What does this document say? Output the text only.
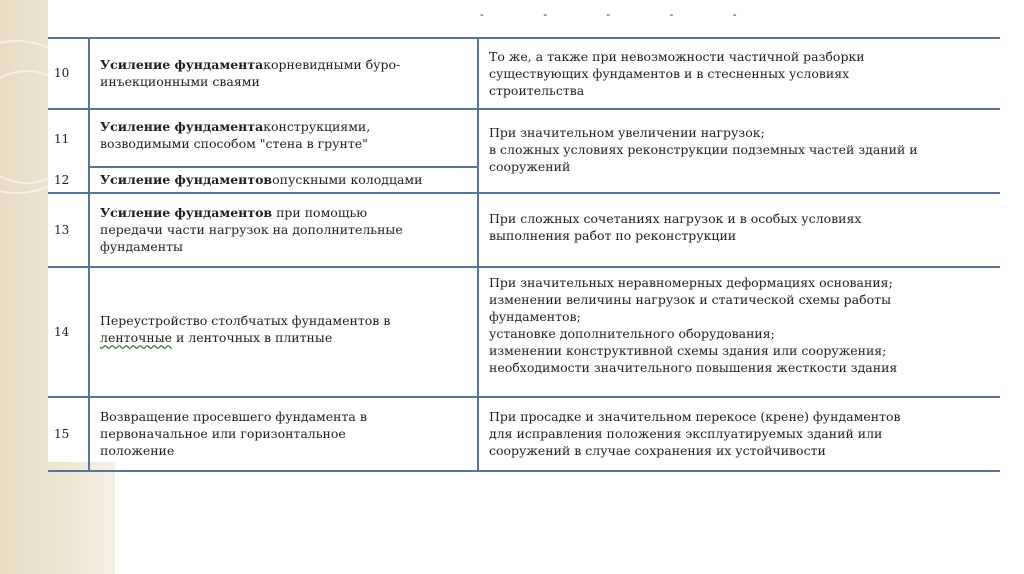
- - - - -
10
Усиление фундаментакорневидными буро-
инъекционными сваями
То же, а также при невозможности частичной разборки
существующих фундаментов и в стесненных условиях
строительства
11
Усиление фундаментаконструкциями,
возводимыми способом "стена в грунте"
При значительном увеличении нагрузок;
в сложных условиях реконструкции подземных частей зданий и
сооружений
12	Усиление фундаментовопускными колодцами
13
Усиление фундаментов при помощью
передачи части нагрузок на дополнительные
фундаменты
При сложных сочетаниях нагрузок и в особых условиях
выполнения работ по реконструкции
14
Переустройство столбчатых фундаментов в
ленточные и ленточных в плитные
При значительных неравномерных деформациях основания;
изменении величины нагрузок и статической схемы работы
фундаментов;
установке дополнительного оборудования;
изменении конструктивной схемы здания или сооружения;
необходимости значительного повышения жесткости здания
15
Возвращение просевшего фундамента в
первоначальное или горизонтальное
положение
При просадке и значительном перекосе (крене) фундаментов
для исправления положения эксплуатируемых зданий или
сооружений в случае сохранения их устойчивости
